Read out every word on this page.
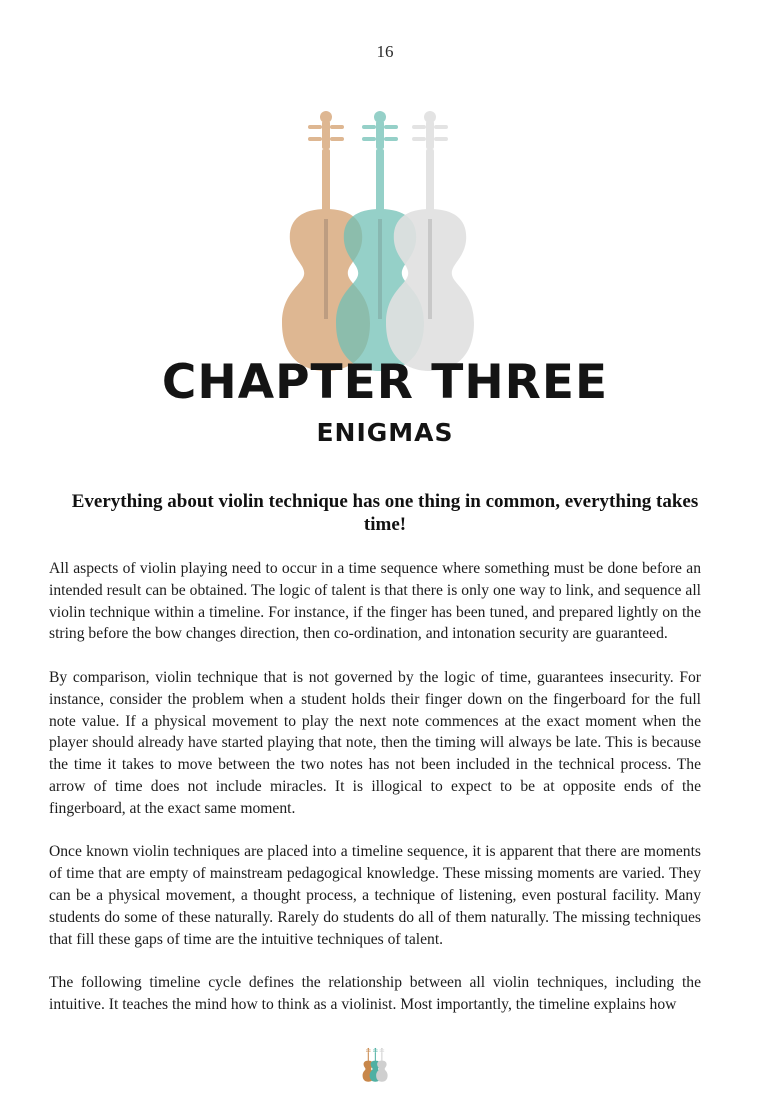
16
CHAPTER THREE
ENIGMAS
Everything about violin technique has one thing in common, everything takes time!

All aspects of violin playing need to occur in a time sequence where something must be done before an intended result can be obtained. The logic of talent is that there is only one way to link, and sequence all violin technique within a timeline. For instance, if the finger has been tuned, and prepared lightly on the string before the bow changes direction, then co-ordination, and intonation security are guaranteed.

By comparison, violin technique that is not governed by the logic of time, guarantees insecurity. For instance, consider the problem when a student holds their finger down on the fingerboard for the full note value. If a physical movement to play the next note commences at the exact moment when the player should already have started playing that note, then the timing will always be late. This is because the time it takes to move between the two notes has not been included in the technical process. The arrow of time does not include miracles. It is illogical to expect to be at opposite ends of the fingerboard, at the exact same moment.

Once known violin techniques are placed into a timeline sequence, it is apparent that there are moments of time that are empty of mainstream pedagogical knowledge. These missing moments are varied. They can be a physical movement, a thought process, a technique of listening, even postural facility. Many students do some of these naturally. Rarely do students do all of them naturally. The missing techniques that fill these gaps of time are the intuitive techniques of talent.

The following timeline cycle defines the relationship between all violin techniques, including the intuitive. It teaches the mind how to think as a violinist. Most importantly, the timeline explains how
